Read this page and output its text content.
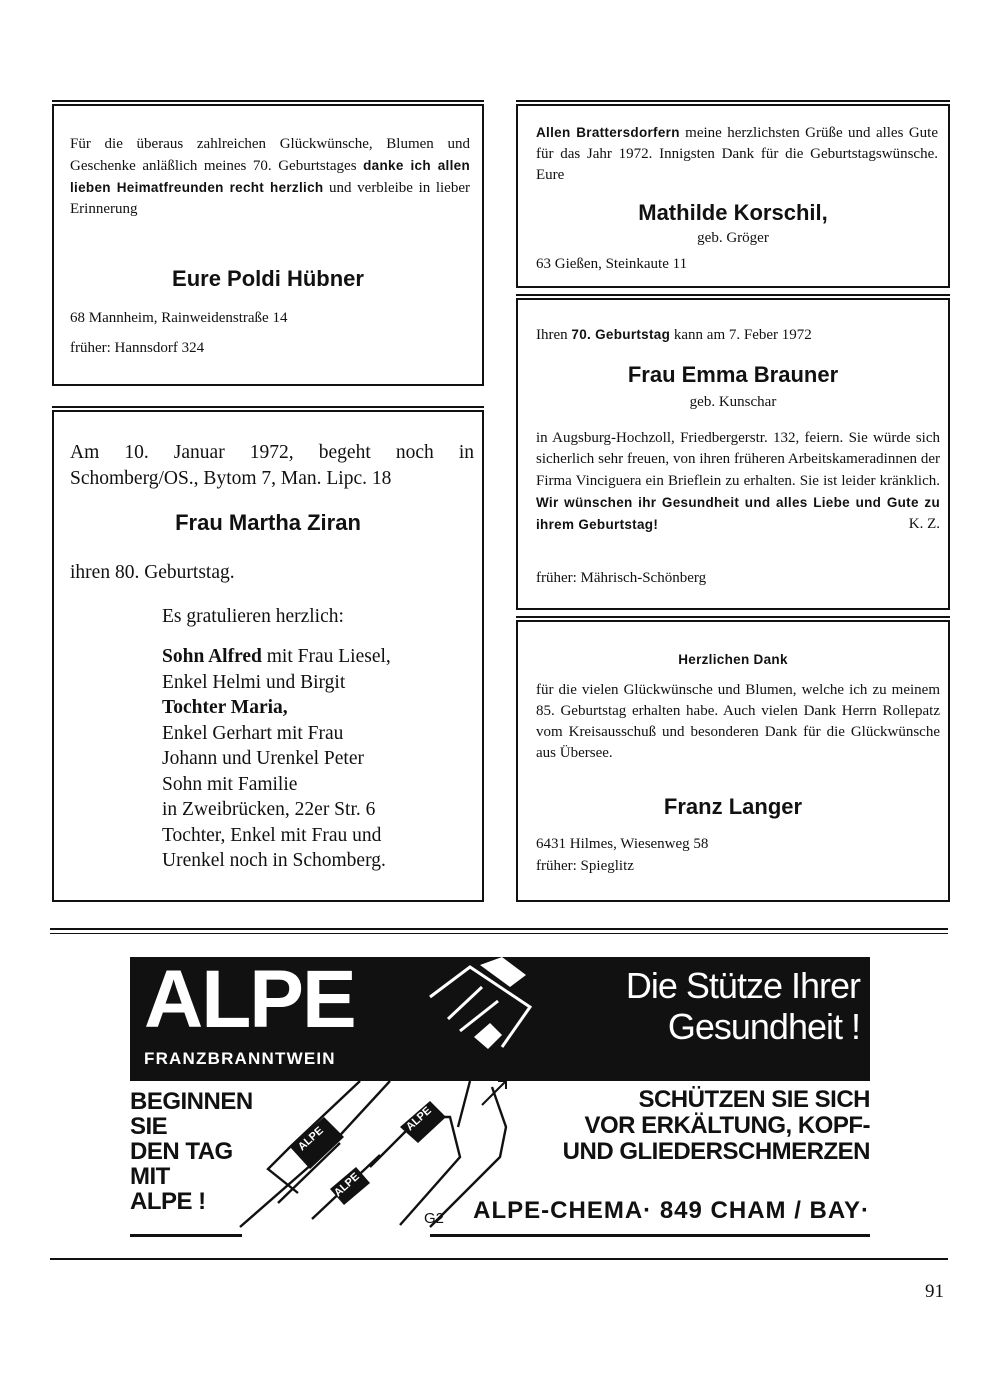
Für die überaus zahlreichen Glückwünsche, Blumen und Geschenke anläßlich meines 70. Geburtstages danke ich allen lieben Heimatfreunden recht herzlich und verbleibe in lieber Erinnerung

Eure Poldi Hübner
68 Mannheim, Rainweidenstraße 14
früher: Hannsdorf 324

Am 10. Januar 1972, begeht noch in Schomberg/OS., Bytom 7, Man. Lipc. 18

Frau Martha Ziran
ihren 80. Geburtstag.
Es gratulieren herzlich:
Sohn Alfred mit Frau Liesel,
Enkel Helmi und Birgit
Tochter Maria,
Enkel Gerhart mit Frau
Johann und Urenkel Peter
Sohn mit Familie
in Zweibrücken, 22er Str. 6
Tochter, Enkel mit Frau und
Urenkel noch in Schomberg.

Allen Brattersdorfern meine herzlichsten Grüße und alles Gute für das Jahr 1972. Innigsten Dank für die Geburtstagswünsche. Eure

Mathilde Korschil,
geb. Gröger
63 Gießen, Steinkaute 11

Ihren 70. Geburtstag kann am 7. Feber 1972

Frau Emma Brauner
geb. Kunschar

in Augsburg-Hochzoll, Friedbergerstr. 132, feiern. Sie würde sich sicherlich sehr freuen, von ihren früheren Arbeitskameradinnen der Firma Vinciguera ein Brieflein zu erhalten. Sie ist leider kränklich. Wir wünschen ihr Gesundheit und alles Liebe und Gute zu ihrem Geburtstag!	K. Z.

früher: Mährisch-Schönberg
Herzlichen Dank

für die vielen Glückwünsche und Blumen, welche ich zu meinem 85. Geburtstag erhalten habe. Auch vielen Dank Herrn Rollepatz vom Kreisausschuß und besonderen Dank für die Glückwünsche aus Übersee.

Franz Langer
6431 Hilmes, Wiesenweg 58
früher: Spieglitz
ALPE
FRANZBRANNTWEIN
Die Stütze Ihrer
Gesundheit !
ALPE
ALPE
ALPE
BEGINNEN
SIE
DEN TAG
MIT
ALPE !
SCHÜTZEN SIE SICH
VOR ERKÄLTUNG, KOPF-
UND GLIEDERSCHMERZEN
G2 ALPE-CHEMA· 849 CHAM / BAY·
91
